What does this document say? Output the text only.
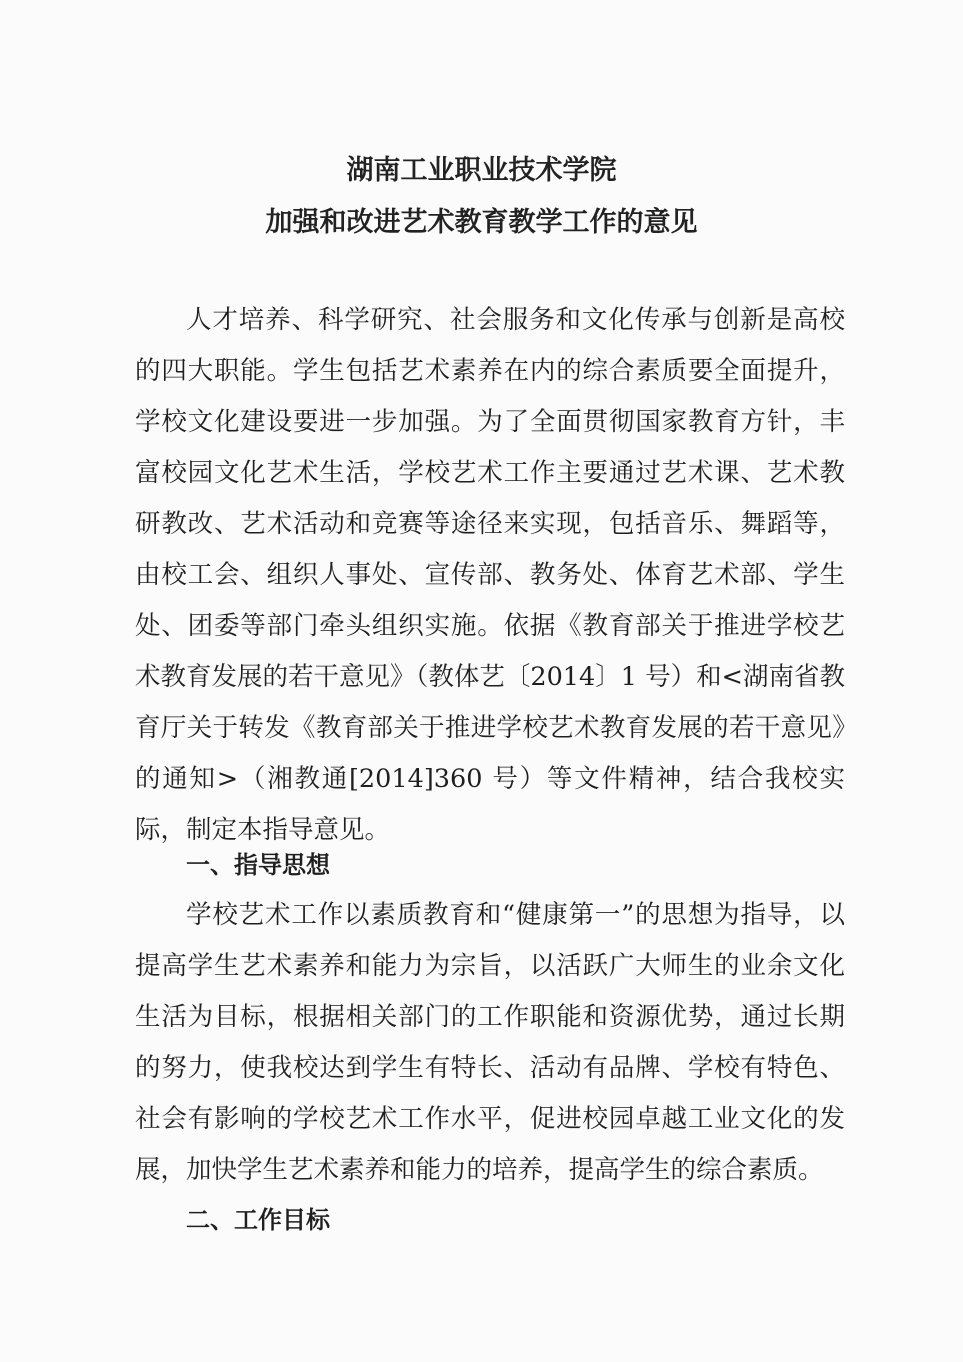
湖南工业职业技术学院
加强和改进艺术教育教学工作的意见

人才培养、科学研究、社会服务和文化传承与创新是高校的四大职能。学生包括艺术素养在内的综合素质要全面提升，学校文化建设要进一步加强。为了全面贯彻国家教育方针，丰富校园文化艺术生活，学校艺术工作主要通过艺术课、艺术教研教改、艺术活动和竞赛等途径来实现，包括音乐、舞蹈等，由校工会、组织人事处、宣传部、教务处、体育艺术部、学生处、团委等部门牵头组织实施。依据《教育部关于推进学校艺术教育发展的若干意见》（教体艺〔2014〕1 号）和<湖南省教育厅关于转发《教育部关于推进学校艺术教育发展的若干意见》的通知>（湘教通[2014]360 号）等文件精神，结合我校实际，制定本指导意见。

一、指导思想

学校艺术工作以素质教育和“健康第一”的思想为指导，以提高学生艺术素养和能力为宗旨，以活跃广大师生的业余文化生活为目标，根据相关部门的工作职能和资源优势，通过长期的努力，使我校达到学生有特长、活动有品牌、学校有特色、社会有影响的学校艺术工作水平，促进校园卓越工业文化的发展，加快学生艺术素养和能力的培养，提高学生的综合素质。

二、工作目标
